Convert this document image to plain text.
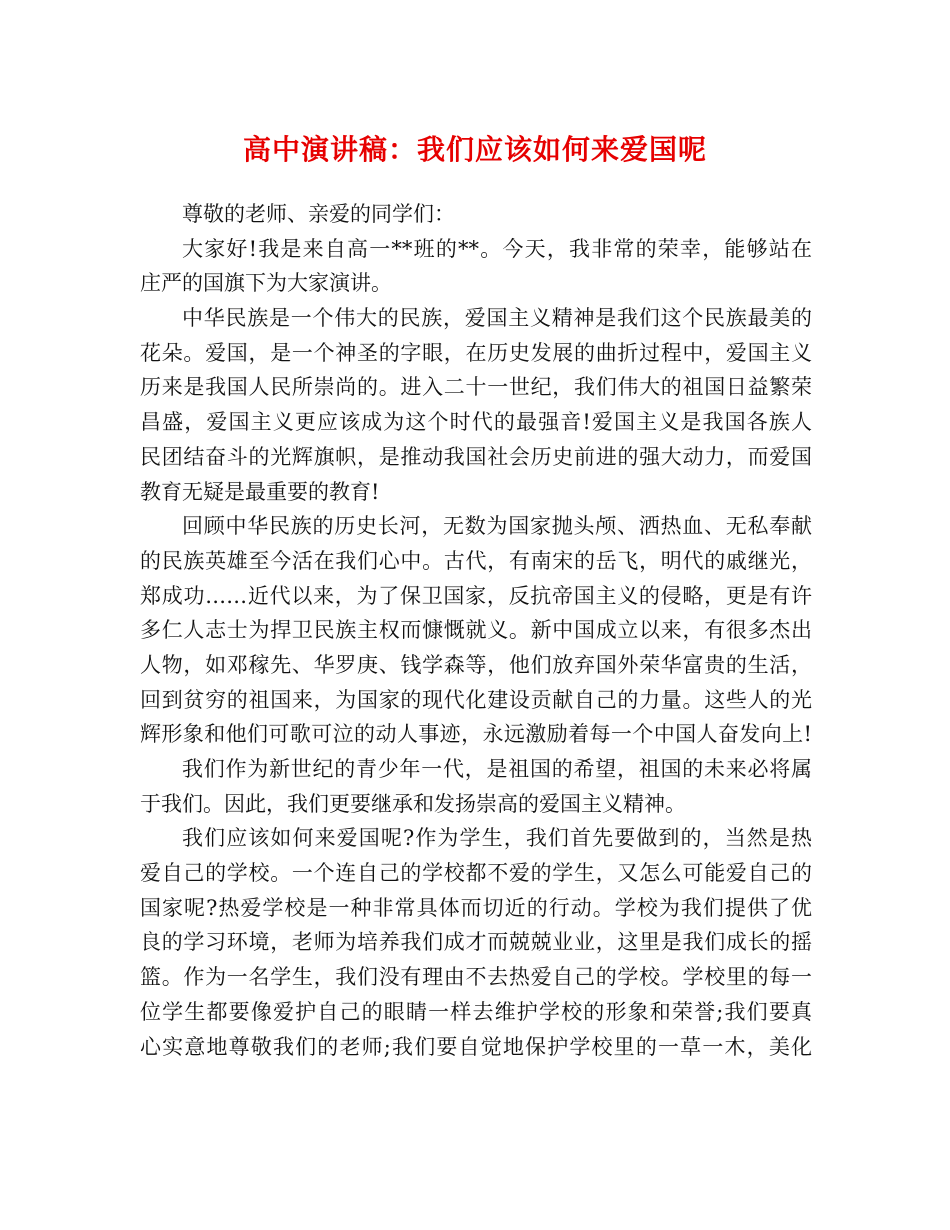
高中演讲稿：我们应该如何来爱国呢
尊敬的老师、亲爱的同学们：
大家好!我是来自高一**班的**。今天，我非常的荣幸，能够站在
庄严的国旗下为大家演讲。
中华民族是一个伟大的民族，爱国主义精神是我们这个民族最美的
花朵。爱国，是一个神圣的字眼，在历史发展的曲折过程中，爱国主义
历来是我国人民所崇尚的。进入二十一世纪，我们伟大的祖国日益繁荣
昌盛，爱国主义更应该成为这个时代的最强音!爱国主义是我国各族人
民团结奋斗的光辉旗帜，是推动我国社会历史前进的强大动力，而爱国
教育无疑是最重要的教育!
回顾中华民族的历史长河，无数为国家抛头颅、洒热血、无私奉献
的民族英雄至今活在我们心中。古代，有南宋的岳飞，明代的戚继光，
郑成功……近代以来，为了保卫国家，反抗帝国主义的侵略，更是有许
多仁人志士为捍卫民族主权而慷慨就义。新中国成立以来，有很多杰出
人物，如邓稼先、华罗庚、钱学森等，他们放弃国外荣华富贵的生活，
回到贫穷的祖国来，为国家的现代化建设贡献自己的力量。这些人的光
辉形象和他们可歌可泣的动人事迹，永远激励着每一个中国人奋发向上!
我们作为新世纪的青少年一代，是祖国的希望，祖国的未来必将属
于我们。因此，我们更要继承和发扬崇高的爱国主义精神。
我们应该如何来爱国呢?作为学生，我们首先要做到的，当然是热
爱自己的学校。一个连自己的学校都不爱的学生，又怎么可能爱自己的
国家呢?热爱学校是一种非常具体而切近的行动。学校为我们提供了优
良的学习环境，老师为培养我们成才而兢兢业业，这里是我们成长的摇
篮。作为一名学生，我们没有理由不去热爱自己的学校。学校里的每一
位学生都要像爱护自己的眼睛一样去维护学校的形象和荣誉;我们要真
心实意地尊敬我们的老师;我们要自觉地保护学校里的一草一木，美化
